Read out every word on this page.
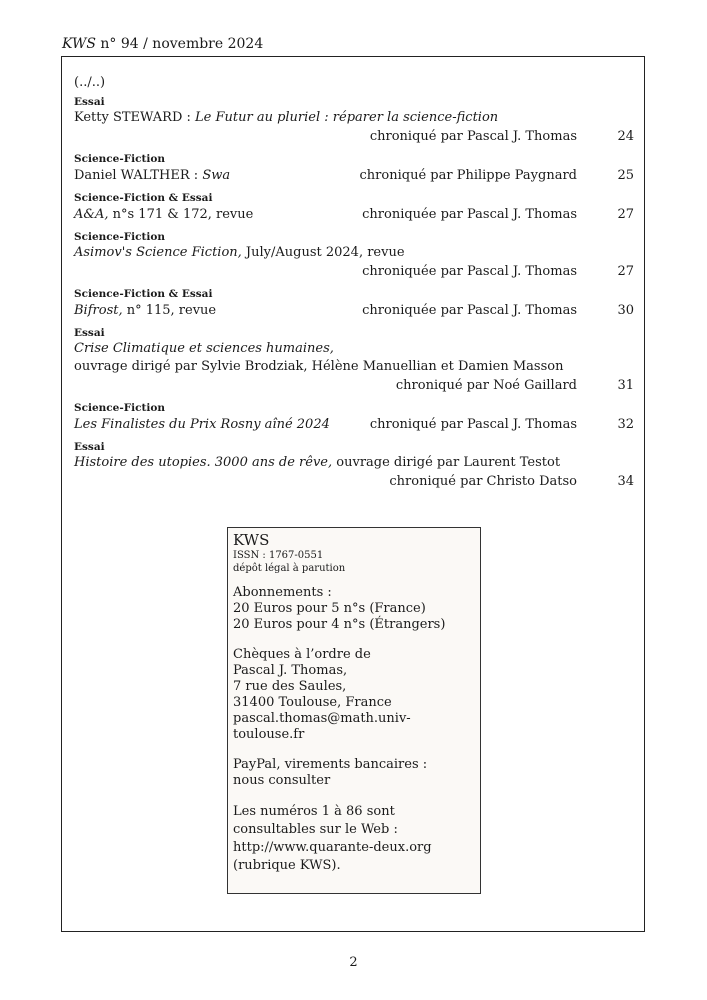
KWS n° 94 / novembre 2024
(../..)
Essai
Ketty STEWARD : Le Futur au pluriel : réparer la science-fiction
chroniqué par Pascal J. Thomas	24
Science-Fiction
Daniel WALTHER : Swa	chroniqué par Philippe Paygnard	25
Science-Fiction & Essai
A&A, n°s 171 & 172, revue	chroniquée par Pascal J. Thomas	27
Science-Fiction
Asimov's Science Fiction, July/August 2024, revue
chroniquée par Pascal J. Thomas	27
Science-Fiction & Essai
Bifrost, n° 115, revue	chroniquée par Pascal J. Thomas	30
Essai
Crise Climatique et sciences humaines,
ouvrage dirigé par Sylvie Brodziak, Hélène Manuellian et Damien Masson
chroniqué par Noé Gaillard	31
Science-Fiction
Les Finalistes du Prix Rosny aîné 2024	chroniqué par Pascal J. Thomas	32
Essai
Histoire des utopies. 3000 ans de rêve, ouvrage dirigé par Laurent Testot
chroniqué par Christo Datso	34
KWS
ISSN : 1767-0551
dépôt légal à parution
Abonnements :
20 Euros pour 5 n°s (France)
20 Euros pour 4 n°s (Étrangers)
Chèques à l’ordre de
Pascal J. Thomas,
7 rue des Saules,
31400 Toulouse, France
pascal.thomas@math.univ-toulouse.fr
PayPal, virements bancaires :
nous consulter
Les numéros 1 à 86 sont
consultables sur le Web :
http://www.quarante-deux.org
(rubrique KWS).
2
